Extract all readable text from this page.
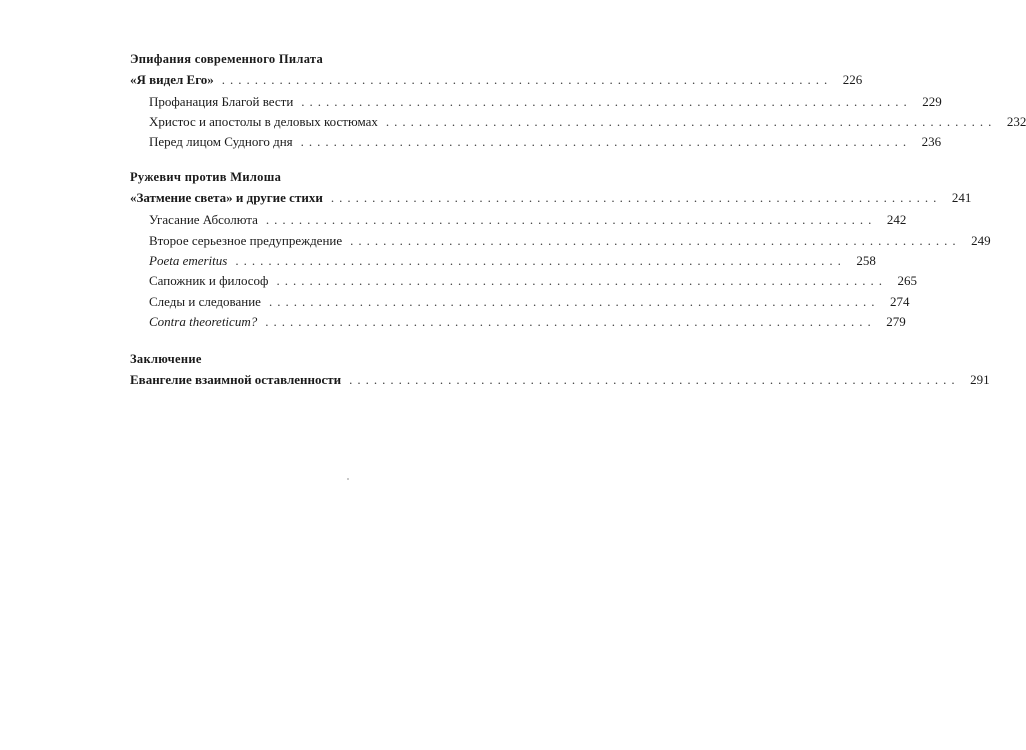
Эпифания современного Пилата
«Я видел Его» .......................................................................... 226
Профанация Благой вести .......................................................................... 229
Христос и апостолы в деловых костюмах .......................................................................... 232
Перед лицом Судного дня .......................................................................... 236
Ружевич против Милоша
«Затмение света» и другие стихи .......................................................................... 241
Угасание Абсолюта .......................................................................... 242
Второе серьезное предупреждение .......................................................................... 249
Poeta emeritus .......................................................................... 258
Сапожник и философ .......................................................................... 265
Следы и следование .......................................................................... 274
Contra theoreticum? .......................................................................... 279
Заключение
Евангелие взаимной оставленности .......................................................................... 291
